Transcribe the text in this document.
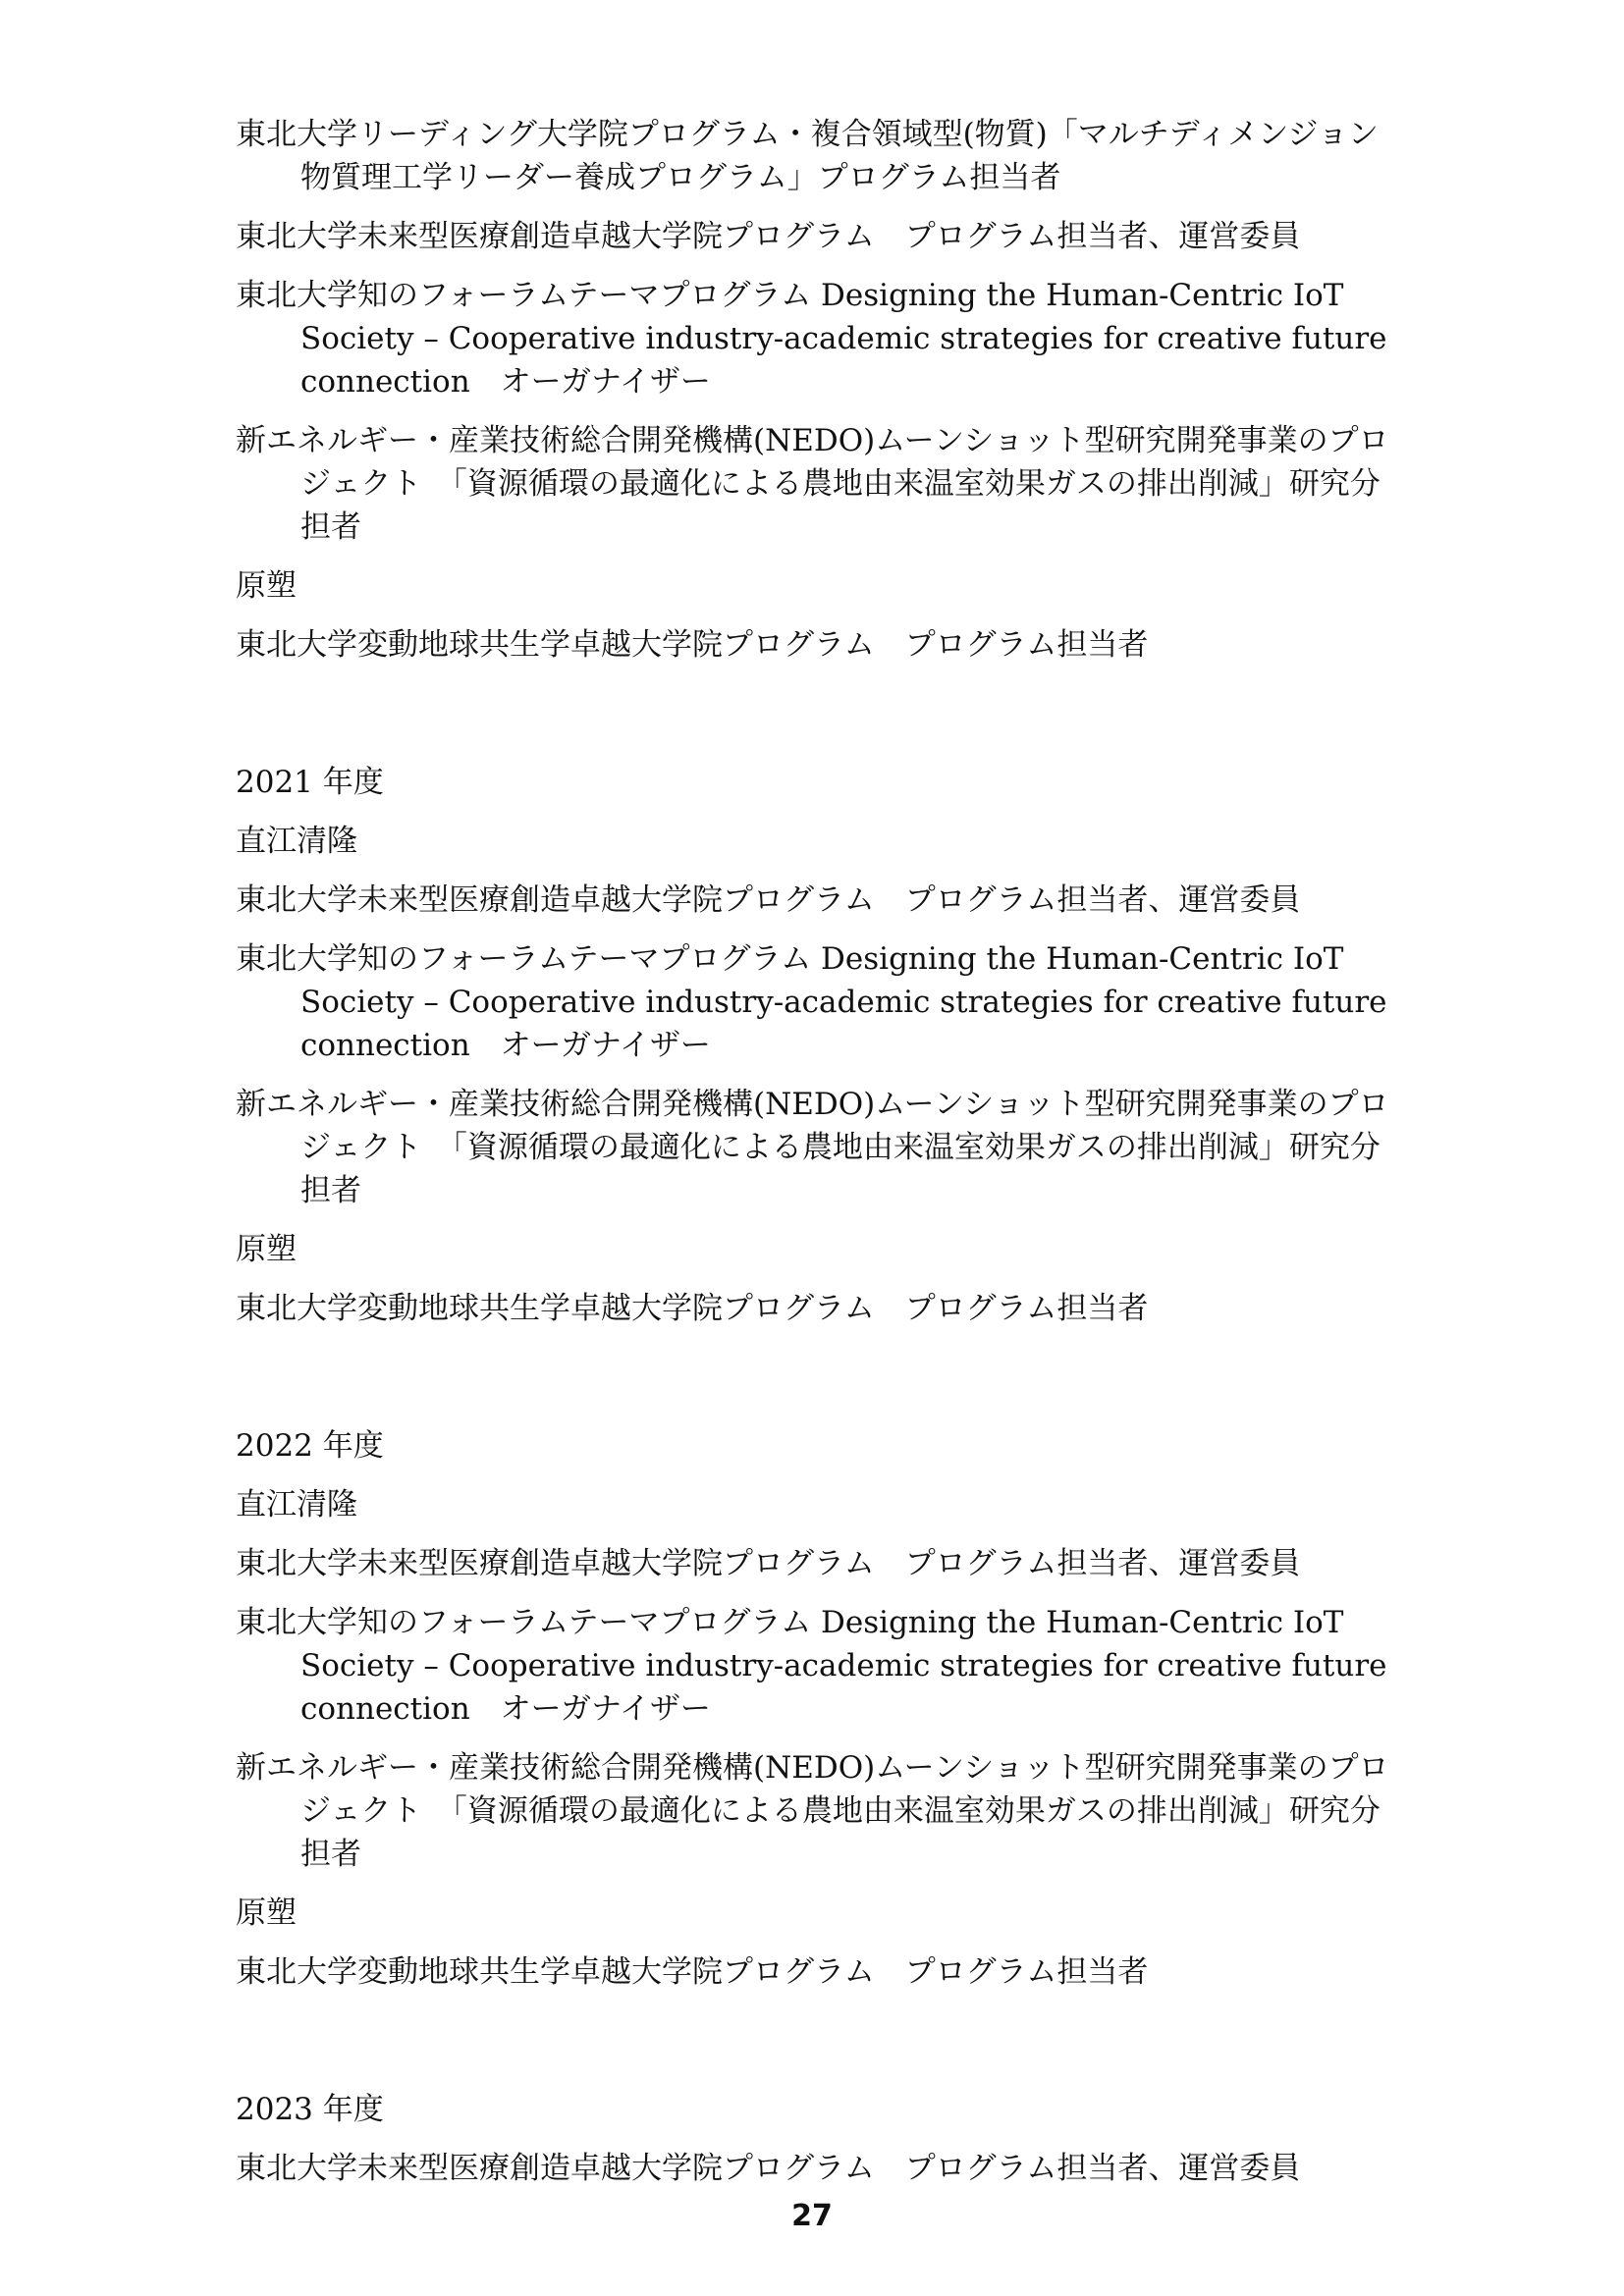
東北大学リーディング大学院プログラム・複合領域型(物質)「マルチディメンジョン物質理工学リーダー養成プログラム」プログラム担当者

東北大学未来型医療創造卓越大学院プログラム　プログラム担当者、運営委員

東北大学知のフォーラムテーマプログラム Designing the Human-Centric IoT Society – Cooperative industry-academic strategies for creative future connection　オーガナイザー

新エネルギー・産業技術総合開発機構(NEDO)ムーンショット型研究開発事業のプロジェクト　「資源循環の最適化による農地由来温室効果ガスの排出削減」研究分担者

原塑

東北大学変動地球共生学卓越大学院プログラム　プログラム担当者

2021 年度

直江清隆

東北大学未来型医療創造卓越大学院プログラム　プログラム担当者、運営委員

東北大学知のフォーラムテーマプログラム Designing the Human-Centric IoT Society – Cooperative industry-academic strategies for creative future connection　オーガナイザー

新エネルギー・産業技術総合開発機構(NEDO)ムーンショット型研究開発事業のプロジェクト　「資源循環の最適化による農地由来温室効果ガスの排出削減」研究分担者

原塑

東北大学変動地球共生学卓越大学院プログラム　プログラム担当者

2022 年度

直江清隆

東北大学未来型医療創造卓越大学院プログラム　プログラム担当者、運営委員

東北大学知のフォーラムテーマプログラム Designing the Human-Centric IoT Society – Cooperative industry-academic strategies for creative future connection　オーガナイザー

新エネルギー・産業技術総合開発機構(NEDO)ムーンショット型研究開発事業のプロジェクト　「資源循環の最適化による農地由来温室効果ガスの排出削減」研究分担者

原塑

東北大学変動地球共生学卓越大学院プログラム　プログラム担当者

2023 年度

東北大学未来型医療創造卓越大学院プログラム　プログラム担当者、運営委員

27
